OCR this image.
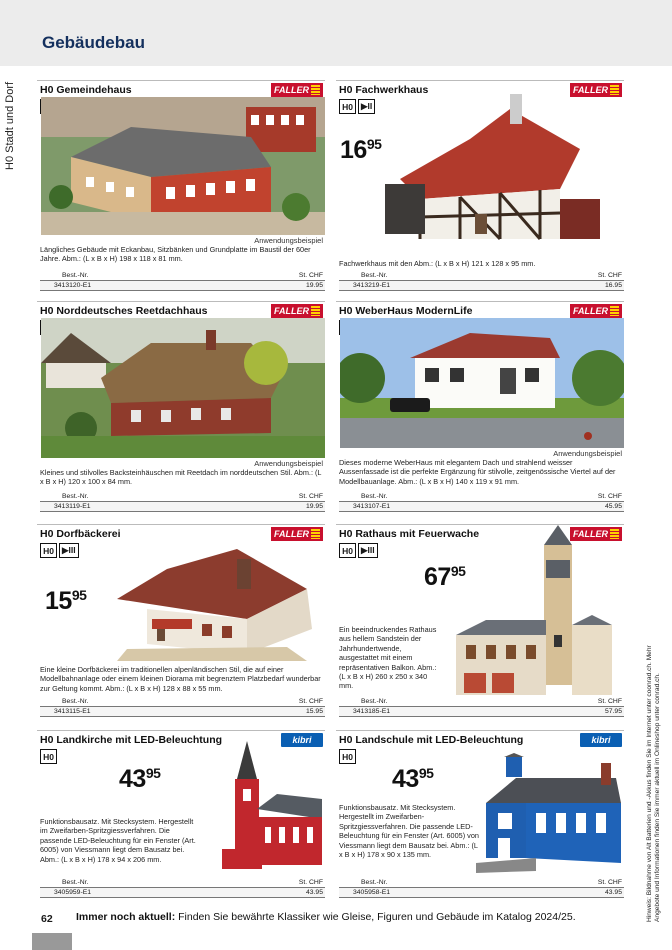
Gebäudebau
H0 Stadt und Dorf H0 Gemeindehaus	FALLER
Anwendungsbeispiel
Längliches Gebäude mit Eckanbau, Sitzbänken und Grundplatte im Baustil der 60er Jahre. Abm.: (L x B x H) 198 x 118 x 81 mm.
Best.-Nr.	St. CHF
3413120-E1	19.95
H0 Fachwerkhaus	FALLER
H0 ▶II
$16^{95}$
Fachwerkhaus mit den Abm.: (L x B x H) 121 x 128 x 95 mm.
Best.-Nr.	St. CHF
3413219-E1	16.95
H0 Norddeutsches Reetdachhaus	FALLER
Anwendungsbeispiel
Kleines und stilvolles Backsteinhäuschen mit Reetdach im norddeutschen Stil. Abm.: (L x B x H) 120 x 100 x 84 mm.
Best.-Nr.	St. CHF
3413119-E1	19.95
H0 WeberHaus ModernLife	FALLER
Anwendungsbeispiel
Dieses moderne WeberHaus mit elegantem Dach und strahlend weisser Aussenfassade ist die perfekte Ergänzung für stilvolle, zeitgenössische Viertel auf der Modellbauanlage. Abm.: (L x B x H) 140 x 119 x 91 mm.
Best.-Nr.	St. CHF
3413107-E1	45.95
H0 Dorfbäckerei	FALLER
H0 ▶III
$15^{95}$
Eine kleine Dorfbäckerei im traditionellen alpenländischen Stil, die auf einer Modellbahnanlage oder einem kleinen Diorama mit begrenztem Platzbedarf wunderbar zur Geltung kommt. Abm.: (L x B x H) 128 x 88 x 55 mm.
Best.-Nr.	St. CHF
3413115-E1	15.95
H0 Rathaus mit Feuerwache	FALLER
H0 ▶III
$67^{95}$
Ein beeindruckendes Rathaus aus hellem Sandstein der Jahrhundertwende, ausgestattet mit einem repräsentativen Balkon. Abm.: (L x B x H) 260 x 250 x 340 mm.
Best.-Nr.	St. CHF
3413185-E1	57.95
H0 Landkirche mit LED-Beleuchtung	kibri
H0
$43^{95}$
Funktionsbausatz. Mit Stecksystem. Hergestellt im Zweifarben-Spritzgiessverfahren. Die passende LED-Beleuchtung für ein Fenster (Art. 6005) von Viessmann liegt dem Bausatz bei. Abm.: (L x B x H) 178 x 94 x 206 mm.
Best.-Nr.	St. CHF
3405959-E1	43.95
H0 Landschule mit LED-Beleuchtung	kibri
H0
$43^{95}$
Funktionsbausatz. Mit Stecksystem. Hergestellt im Zweifarben-Spritzgiessverfahren. Die passende LED-Beleuchtung für ein Fenster (Art. 6005) von Viessmann liegt dem Bausatz bei. Abm.: (L x B x H) 178 x 90 x 135 mm.
Best.-Nr.	St. CHF
3405958-E1	43.95	Hinweis: Bildnahme von Alt Batterien und -Akkus finden Sie im Internet unter coonrad.ch. Mehr Angebote und Informationen finden Sie immer aktuell im Onlineshop unter conrad.ch.
62 Immer noch aktuell: Finden Sie bewährte Klassiker wie Gleise, Figuren und Gebäude im Katalog 2024/25.
